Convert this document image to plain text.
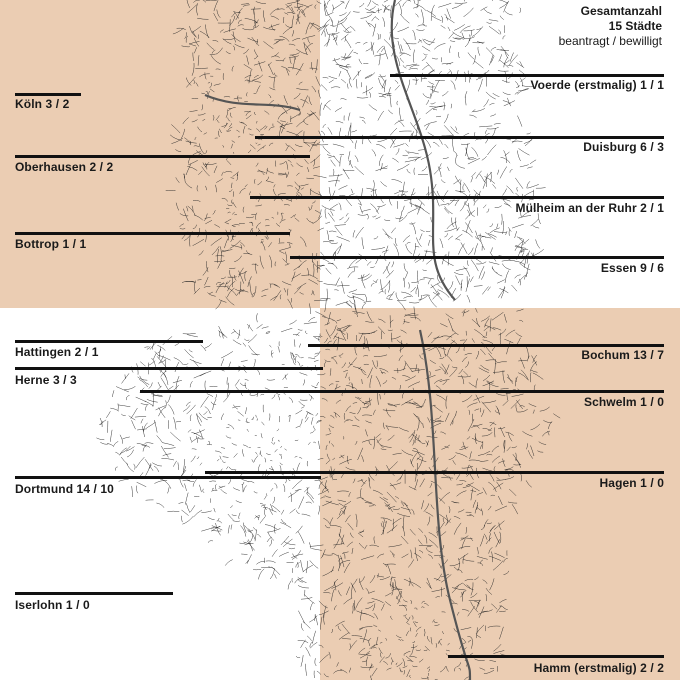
Gesamtanzahl
15 Städte
beantragt / bewilligt
Köln 3 / 2
Oberhausen 2 / 2
Bottrop 1 / 1
Hattingen 2 / 1
Herne 3 / 3
Dortmund 14 / 10
Iserlohn 1 / 0
Voerde (erstmalig) 1 / 1
Duisburg 6 / 3
Mülheim an der Ruhr 2 / 1
Essen 9 / 6
Bochum 13 / 7
Schwelm 1 / 0
Hagen 1 / 0
Hamm (erstmalig) 2 / 2
